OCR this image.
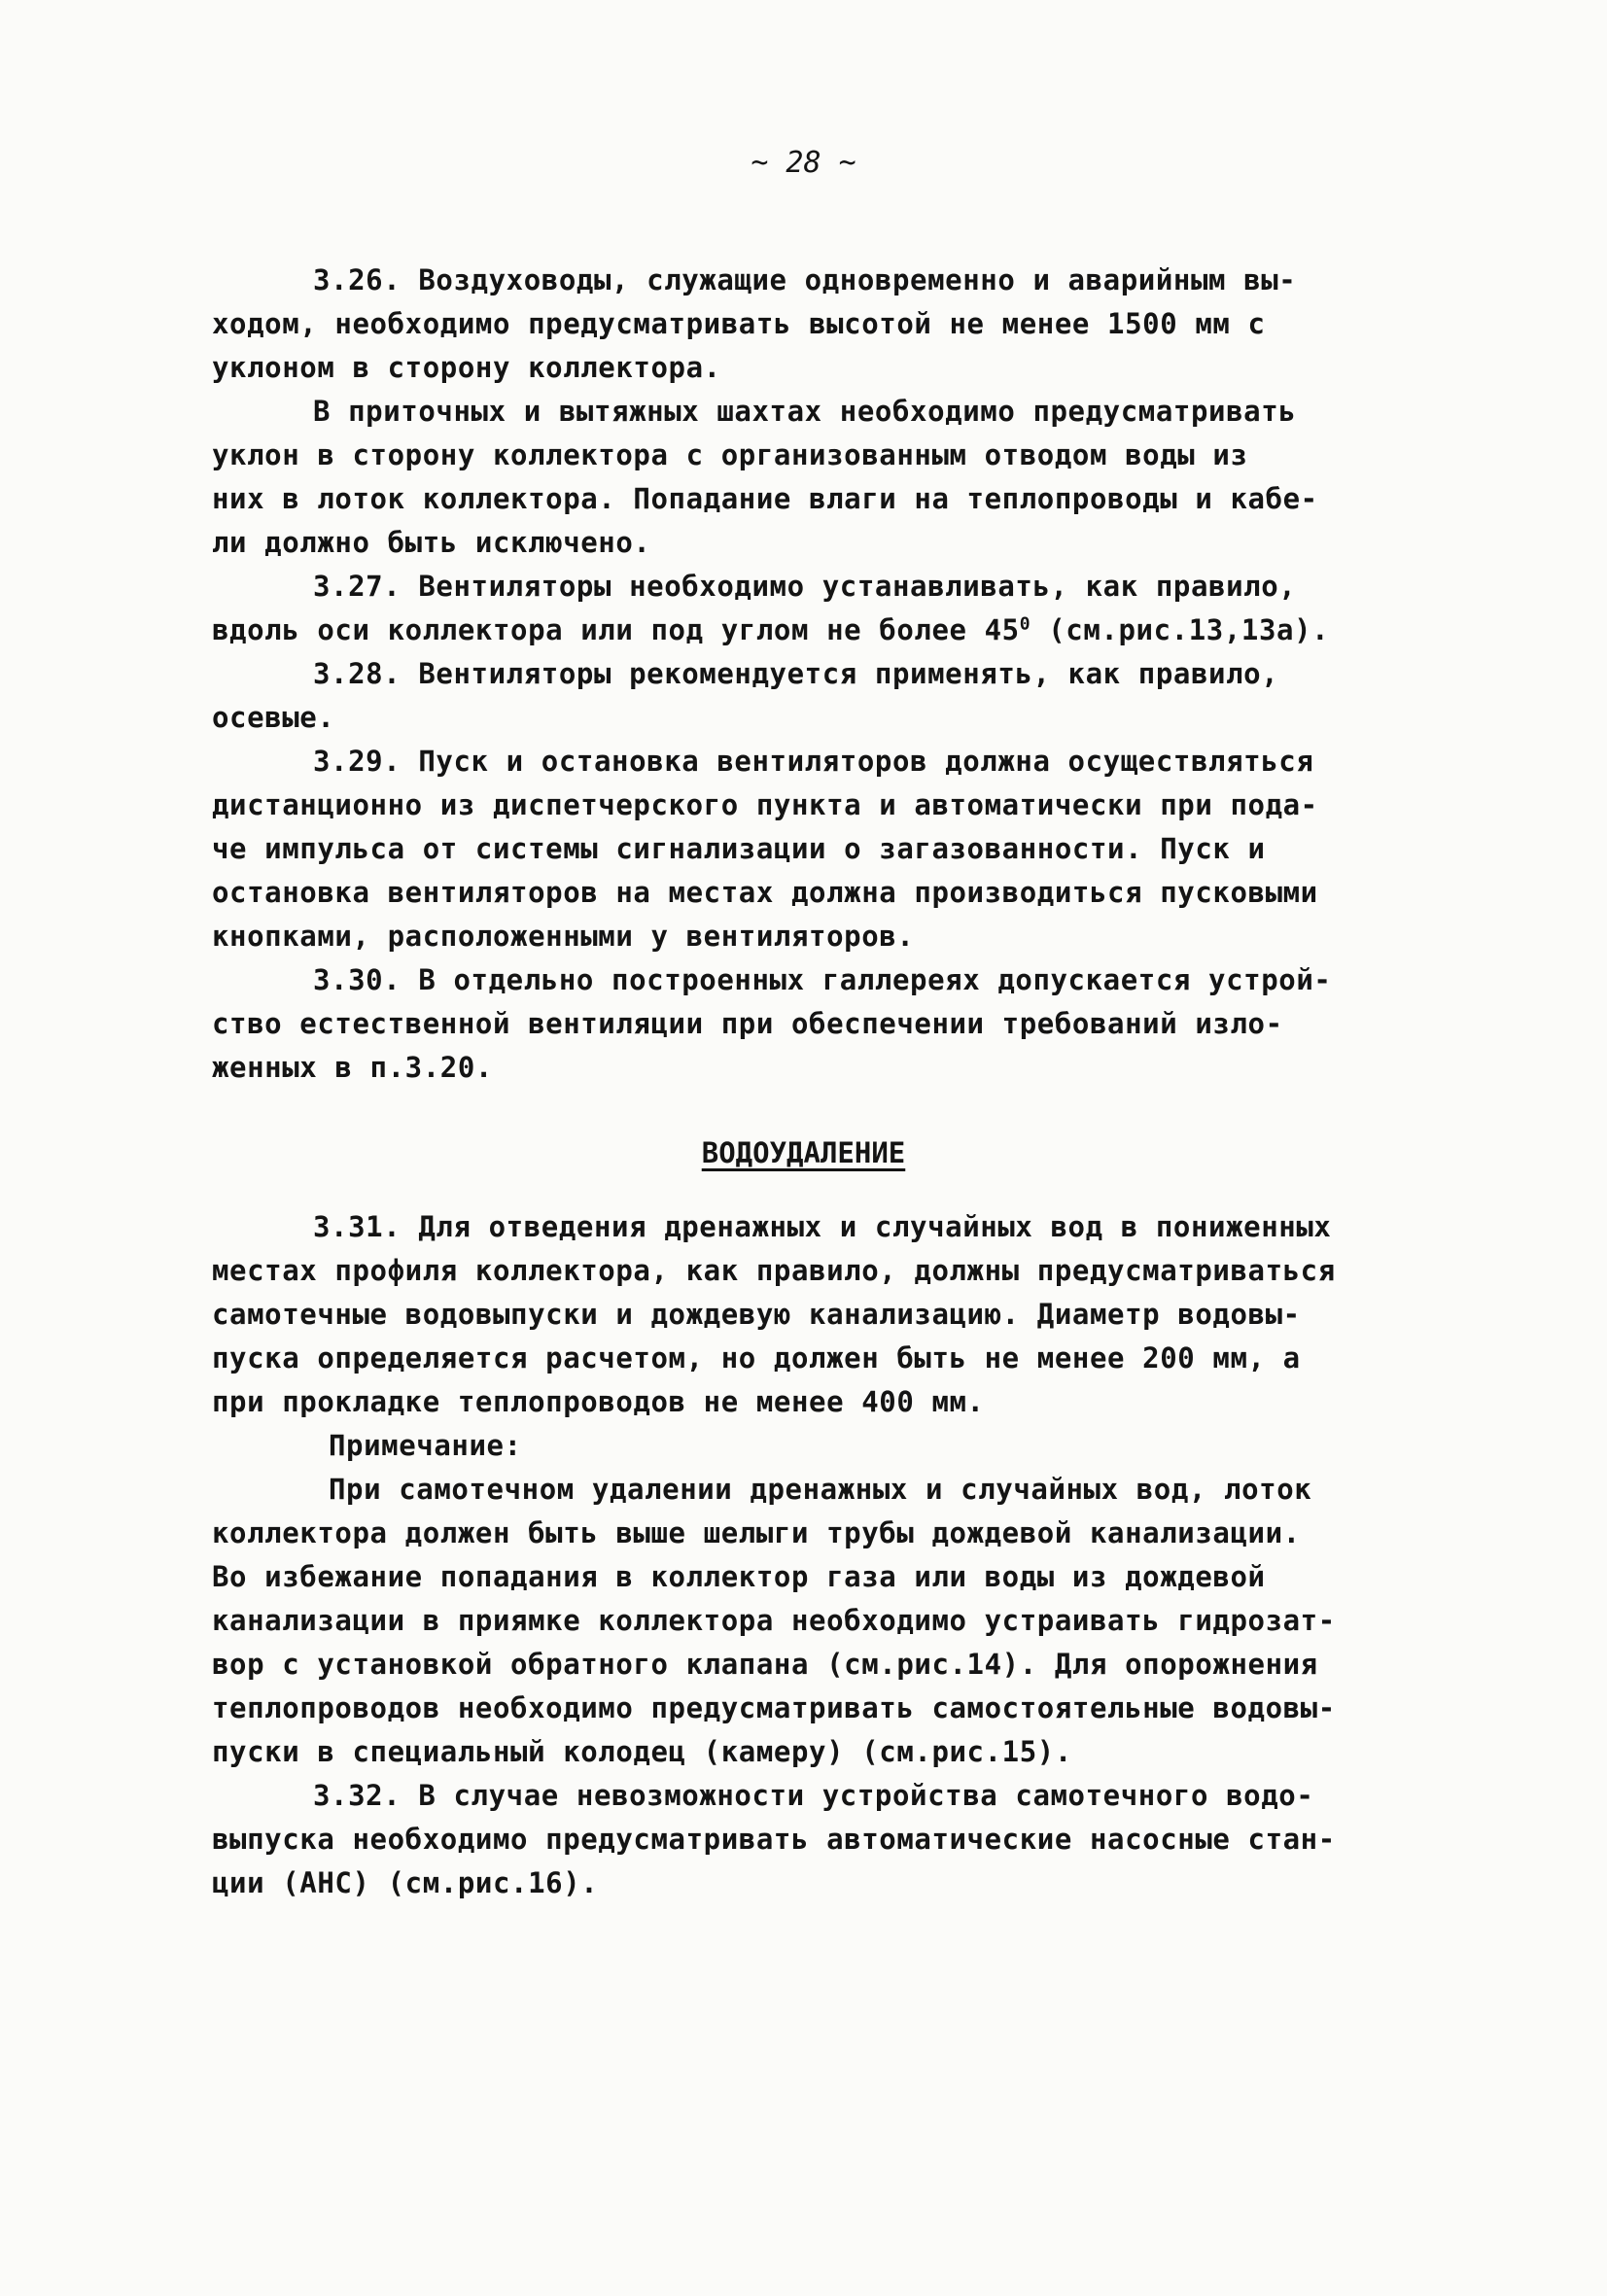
~ 28 ~
3.26. Воздуховоды, служащие одновременно и аварийным вы-
ходом, необходимо предусматривать высотой не менее 1500 мм с
уклоном в сторону коллектора.
В приточных и вытяжных шахтах необходимо предусматривать
уклон в сторону коллектора с организованным отводом воды из
них в лоток коллектора. Попадание влаги на теплопроводы и кабе-
ли должно быть исключено.
3.27. Вентиляторы необходимо устанавливать, как правило,
вдоль оси коллектора или под углом не более $45^0$ (см.рис.13,13а).
3.28. Вентиляторы рекомендуется применять, как правило,
осевые.
3.29. Пуск и остановка вентиляторов должна осуществляться
дистанционно из диспетчерского пункта и автоматически при пода-
че импульса от системы сигнализации о загазованности. Пуск и
остановка вентиляторов на местах должна производиться пусковыми
кнопками, расположенными у вентиляторов.
3.30. В отдельно построенных галлереях допускается устрой-
ство естественной вентиляции при обеспечении требований изло-
женных в п.3.20.
ВОДОУДАЛЕНИЕ
3.31. Для отведения дренажных и случайных вод в пониженных
местах профиля коллектора, как правило, должны предусматриваться
самотечные водовыпуски и дождевую канализацию. Диаметр водовы-
пуска определяется расчетом, но должен быть не менее 200 мм, а
при прокладке теплопроводов не менее 400 мм.
Примечание:
При самотечном удалении дренажных и случайных вод, лоток
коллектора должен быть выше шелыги трубы дождевой канализации.
Во избежание попадания в коллектор газа или воды из дождевой
канализации в приямке коллектора необходимо устраивать гидрозат-
вор с установкой обратного клапана (см.рис.14). Для опорожнения
теплопроводов необходимо предусматривать самостоятельные водовы-
пуски в специальный колодец (камеру) (см.рис.15).
3.32. В случае невозможности устройства самотечного водо-
выпуска необходимо предусматривать автоматические насосные стан-
ции (АНС) (см.рис.16).
